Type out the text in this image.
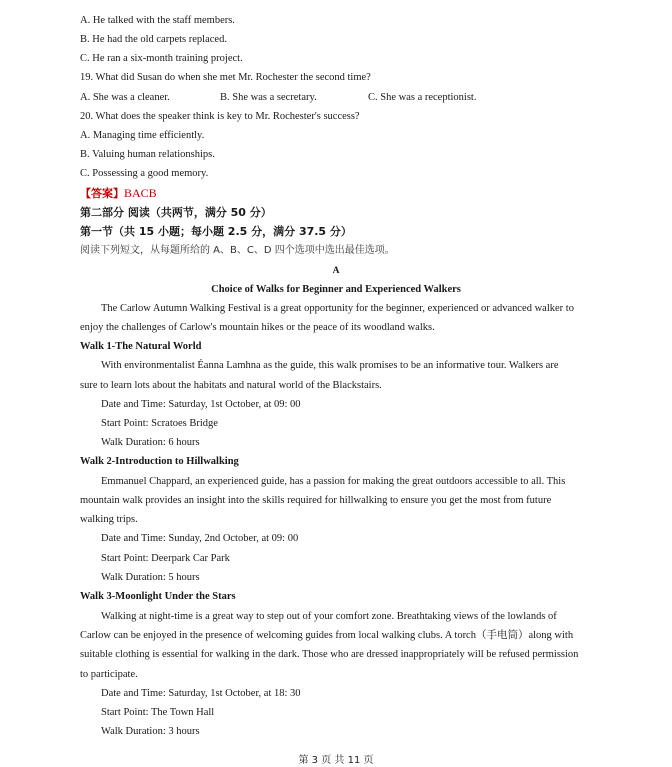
A. He talked with the staff members.
B. He had the old carpets replaced.
C. He ran a six-month training project.
19. What did Susan do when she met Mr. Rochester the second time?
A. She was a cleaner.	B. She was a secretary.	C. She was a receptionist.
20. What does the speaker think is key to Mr. Rochester's success?
A. Managing time efficiently.
B. Valuing human relationships.
C. Possessing a good memory.
【答案】BACB
第二部分 阅读（共两节，满分 50 分）
第一节（共 15 小题；每小题 2.5 分，满分 37.5 分）
阅读下列短文，从每题所给的 A、B、C、D 四个选项中选出最佳选项。
A
Choice of Walks for Beginner and Experienced Walkers
The Carlow Autumn Walking Festival is a great opportunity for the beginner, experienced or advanced walker to
enjoy the challenges of Carlow's mountain hikes or the peace of its woodland walks.
Walk 1-The Natural World
With environmentalist Éanna Lamhna as the guide, this walk promises to be an informative tour. Walkers are
sure to learn lots about the habitats and natural world of the Blackstairs.
Date and Time: Saturday, 1st October, at 09: 00
Start Point: Scratoes Bridge
Walk Duration: 6 hours
Walk 2-Introduction to Hillwalking
Emmanuel Chappard, an experienced guide, has a passion for making the great outdoors accessible to all. This
mountain walk provides an insight into the skills required for hillwalking to ensure you get the most from future
walking trips.
Date and Time: Sunday, 2nd October, at 09: 00
Start Point: Deerpark Car Park
Walk Duration: 5 hours
Walk 3-Moonlight Under the Stars
Walking at night-time is a great way to step out of your comfort zone. Breathtaking views of the lowlands of
Carlow can be enjoyed in the presence of welcoming guides from local walking clubs. A torch（手电筒）along with
suitable clothing is essential for walking in the dark. Those who are dressed inappropriately will be refused permission
to participate.
Date and Time: Saturday, 1st October, at 18: 30
Start Point: The Town Hall
Walk Duration: 3 hours
第 3 页 共 11 页
